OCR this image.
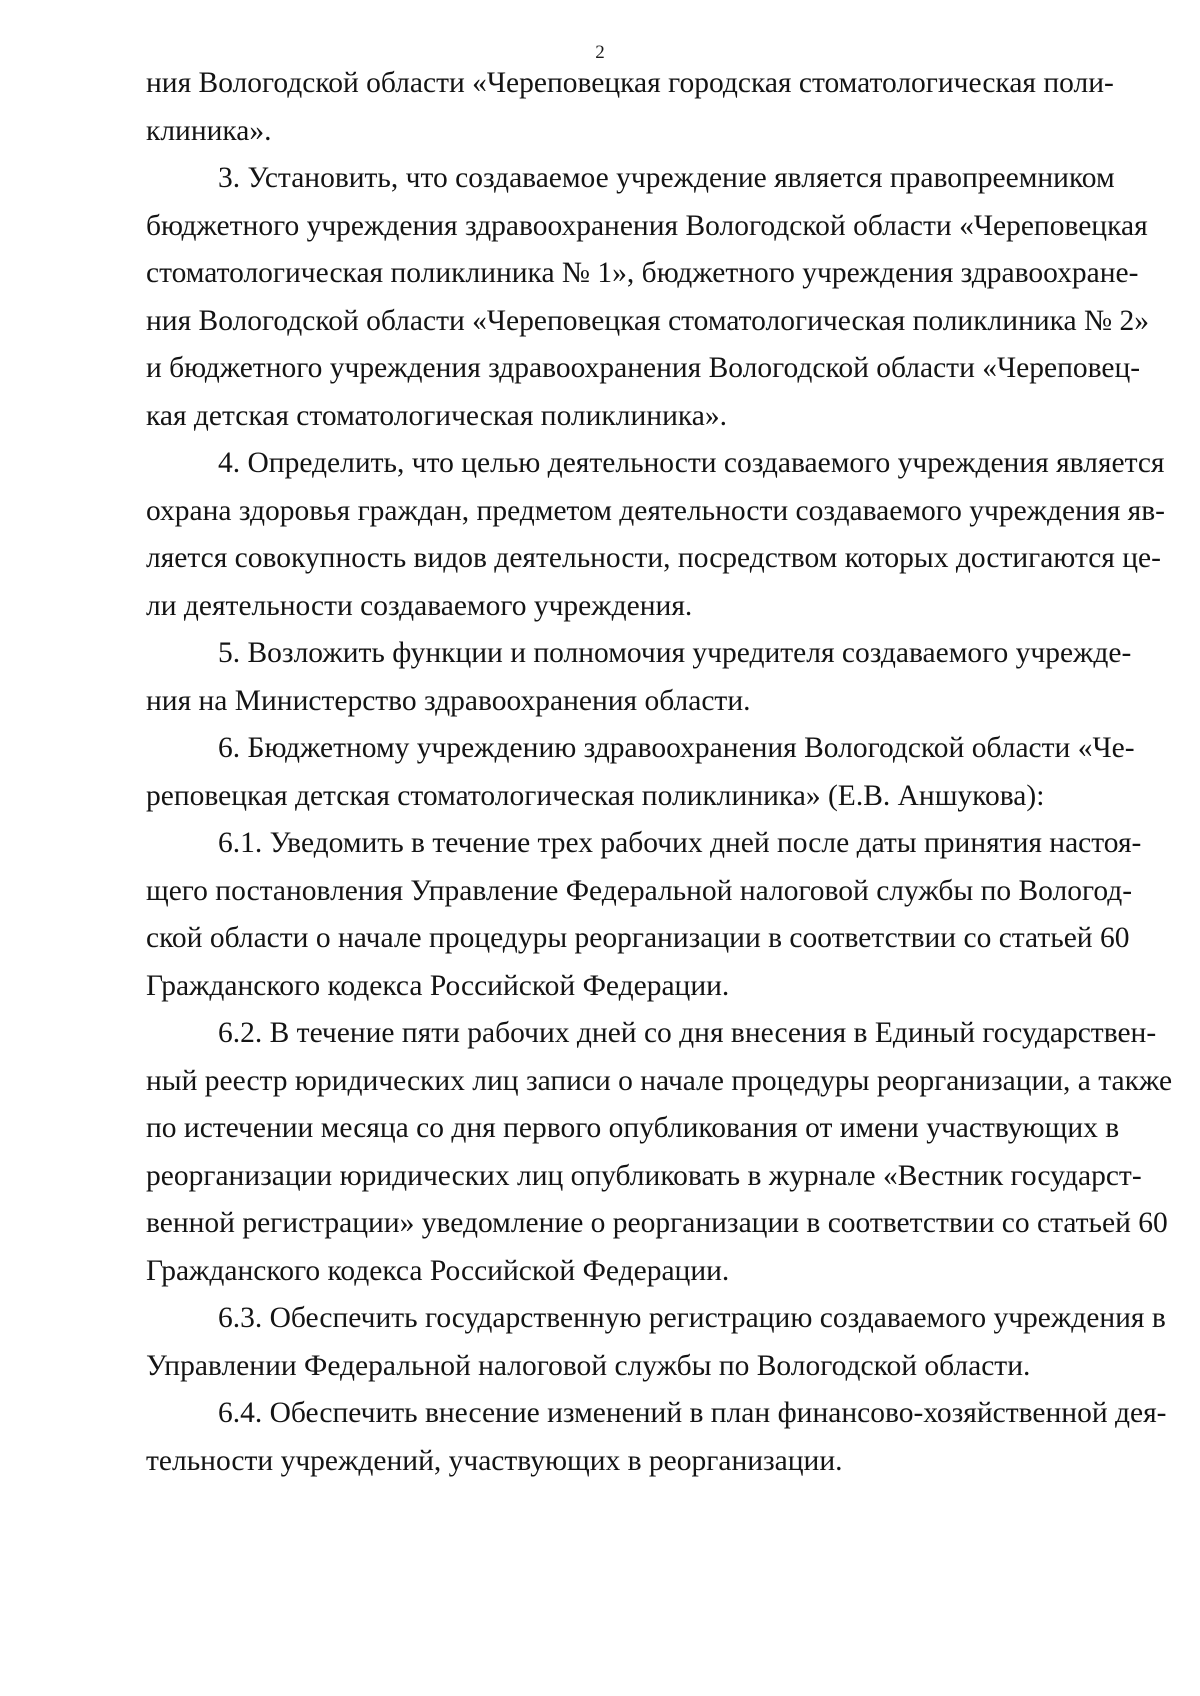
2
ния Вологодской области «Череповецкая городская стоматологическая поли-
клиника».
3. Установить, что создаваемое учреждение является правопреемником
бюджетного учреждения здравоохранения Вологодской области «Череповецкая
стоматологическая поликлиника № 1», бюджетного учреждения здравоохране-
ния Вологодской области «Череповецкая стоматологическая поликлиника № 2»
и бюджетного учреждения здравоохранения Вологодской области «Череповец-
кая детская стоматологическая поликлиника».
4. Определить, что целью деятельности создаваемого учреждения является
охрана здоровья граждан, предметом деятельности создаваемого учреждения яв-
ляется совокупность видов деятельности, посредством которых достигаются це-
ли деятельности создаваемого учреждения.
5. Возложить функции и полномочия учредителя создаваемого учрежде-
ния на Министерство здравоохранения области.
6. Бюджетному учреждению здравоохранения Вологодской области «Че-
реповецкая детская стоматологическая поликлиника» (Е.В. Аншукова):
6.1. Уведомить в течение трех рабочих дней после даты принятия настоя-
щего постановления Управление Федеральной налоговой службы по Вологод-
ской области о начале процедуры реорганизации в соответствии со статьей 60
Гражданского кодекса Российской Федерации.
6.2. В течение пяти рабочих дней со дня внесения в Единый государствен-
ный реестр юридических лиц записи о начале процедуры реорганизации, а также
по истечении месяца со дня первого опубликования от имени участвующих в
реорганизации юридических лиц опубликовать в журнале «Вестник государст-
венной регистрации» уведомление о реорганизации в соответствии со статьей 60
Гражданского кодекса Российской Федерации.
6.3. Обеспечить государственную регистрацию создаваемого учреждения в
Управлении Федеральной налоговой службы по Вологодской области.
6.4. Обеспечить внесение изменений в план финансово-хозяйственной дея-
тельности учреждений, участвующих в реорганизации.
